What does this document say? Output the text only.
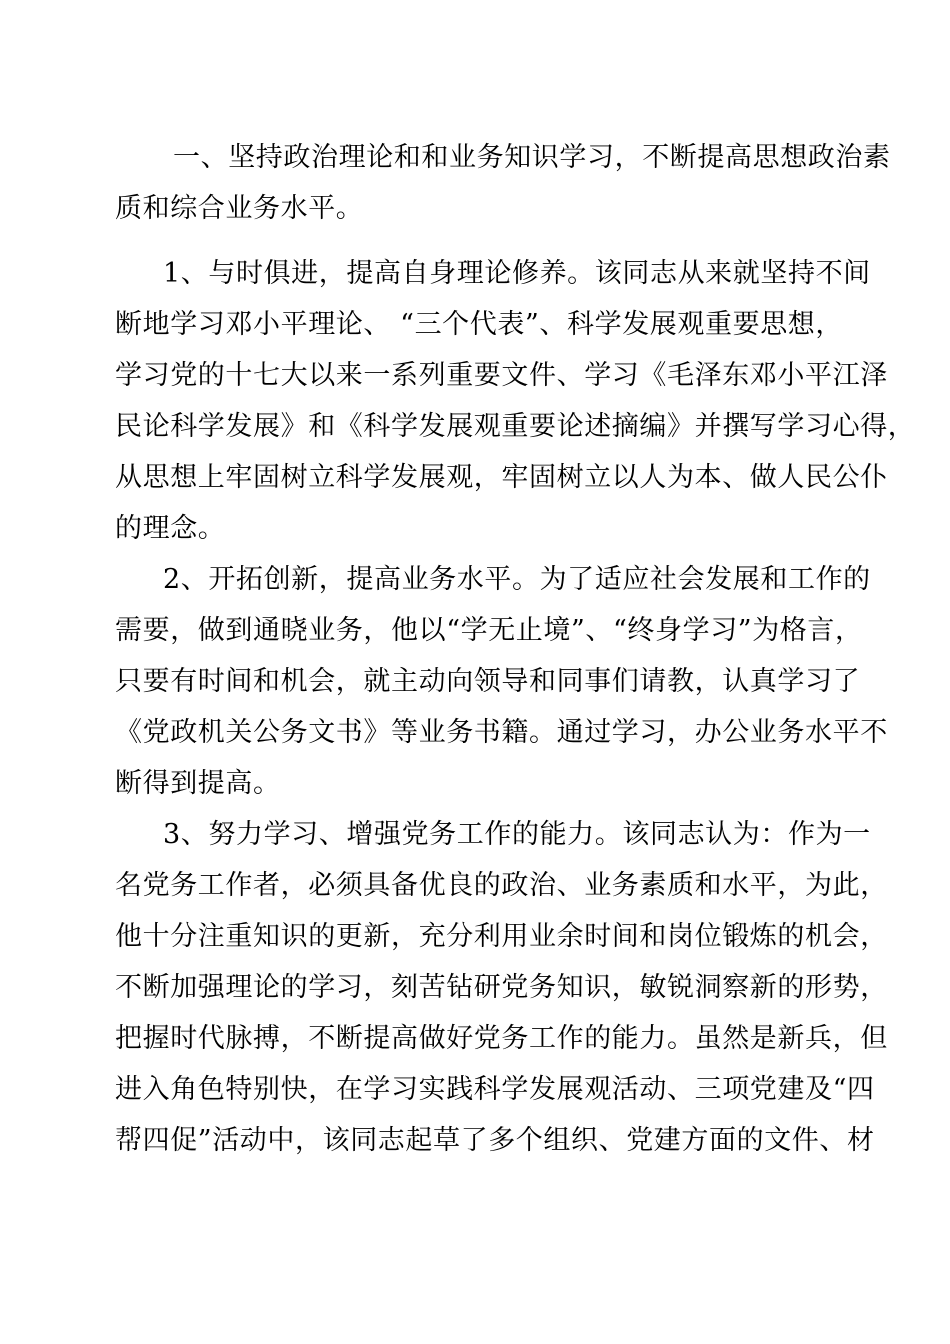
一、坚持政治理论和和业务知识学习，不断提高思想政治素
质和综合业务水平。
1、与时俱进，提高自身理论修养。该同志从来就坚持不间
断地学习邓小平理论、 “三个代表”、科学发展观重要思想，
学习党的十七大以来一系列重要文件、学习《毛泽东邓小平江泽
民论科学发展》和《科学发展观重要论述摘编》并撰写学习心得，
从思想上牢固树立科学发展观，牢固树立以人为本、做人民公仆
的理念。
2、开拓创新，提高业务水平。为了适应社会发展和工作的
需要，做到通晓业务，他以“学无止境”、“终身学习”为格言，
只要有时间和机会，就主动向领导和同事们请教，认真学习了
《党政机关公务文书》等业务书籍。通过学习，办公业务水平不
断得到提高。
3、努力学习、增强党务工作的能力。该同志认为：作为一
名党务工作者，必须具备优良的政治、业务素质和水平，为此，
他十分注重知识的更新，充分利用业余时间和岗位锻炼的机会，
不断加强理论的学习，刻苦钻研党务知识，敏锐洞察新的形势，
把握时代脉搏，不断提高做好党务工作的能力。虽然是新兵，但
进入角色特别快，在学习实践科学发展观活动、三项党建及“四
帮四促”活动中，该同志起草了多个组织、党建方面的文件、材
